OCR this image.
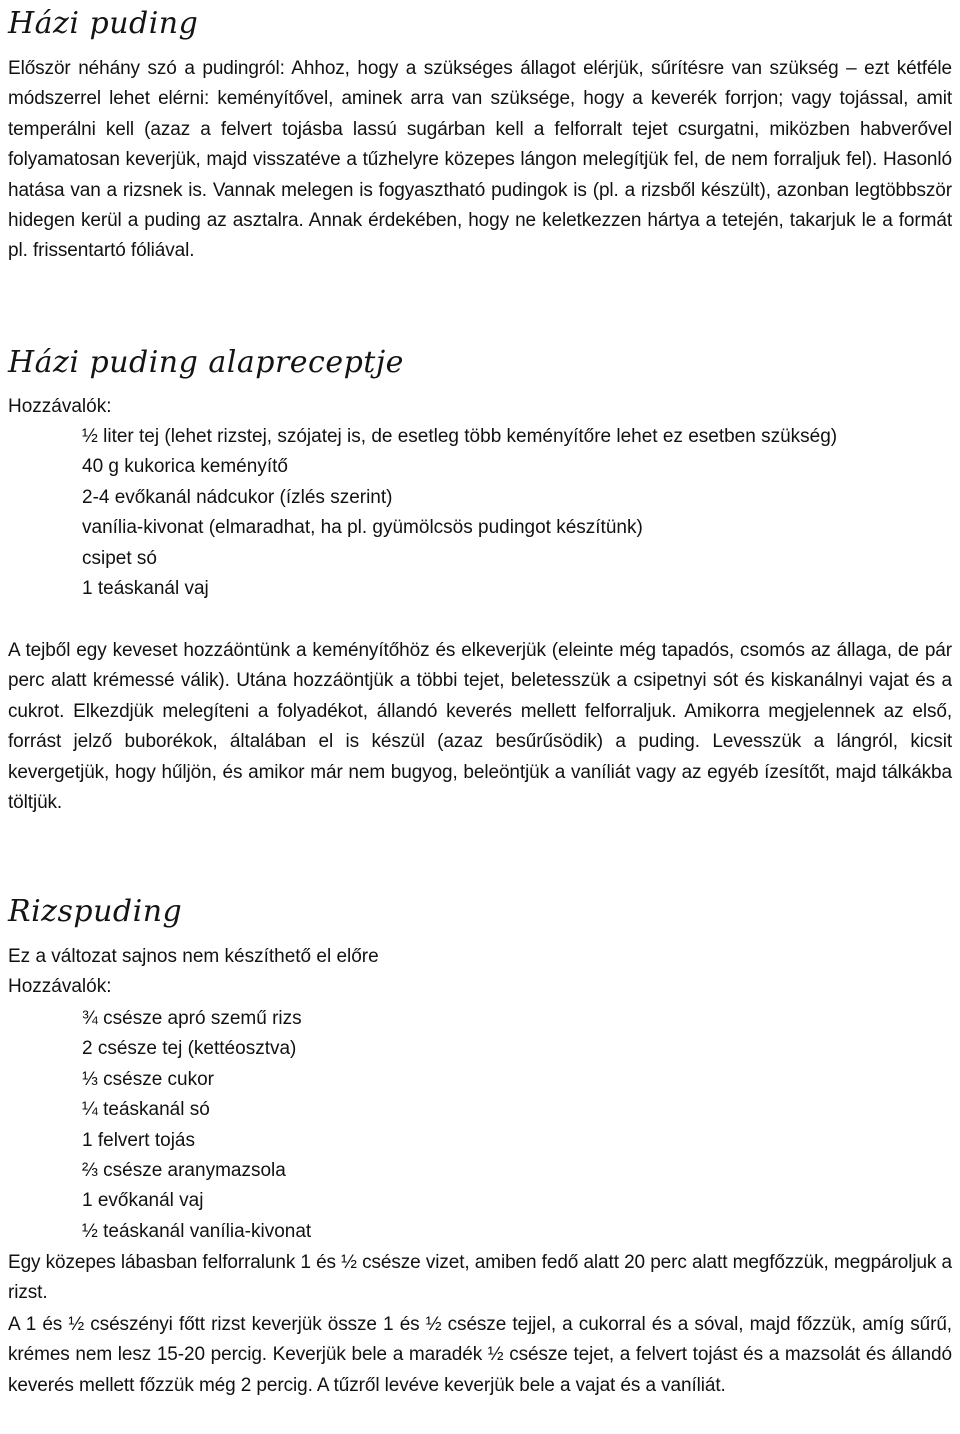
Házi puding

Először néhány szó a pudingról: Ahhoz, hogy a szükséges állagot elérjük, sűrítésre van szükség – ezt kétféle módszerrel lehet elérni: keményítővel, aminek arra van szüksége, hogy a keverék forrjon; vagy tojással, amit temperálni kell (azaz a felvert tojásba lassú sugárban kell a felforralt tejet csurgatni, miközben habverővel folyamatosan keverjük, majd visszatéve a tűzhelyre közepes lángon melegítjük fel, de nem forraljuk fel). Hasonló hatása van a rizsnek is. Vannak melegen is fogyasztható pudingok is (pl. a rizsből készült), azonban legtöbbször hidegen kerül a puding az asztalra. Annak érdekében, hogy ne keletkezzen hártya a tetején, takarjuk le a formát pl. frissentartó fóliával.

Házi puding alapreceptje

Hozzávalók:

½ liter tej (lehet rizstej, szójatej is, de esetleg több keményítőre lehet ez esetben szükség)
40 g kukorica keményítő
2-4 evőkanál nádcukor (ízlés szerint)
vanília-kivonat (elmaradhat, ha pl. gyümölcsös pudingot készítünk)
csipet só
1 teáskanál vaj

A tejből egy keveset hozzáöntünk a keményítőhöz és elkeverjük (eleinte még tapadós, csomós az állaga, de pár perc alatt krémessé válik). Utána hozzáöntjük a többi tejet, beletesszük a csipetnyi sót és kiskanálnyi vajat és a cukrot. Elkezdjük melegíteni a folyadékot, állandó keverés mellett felforraljuk. Amikorra megjelennek az első, forrást jelző buborékok, általában el is készül (azaz besűrűsödik) a puding. Levesszük a lángról, kicsit kevergetjük, hogy hűljön, és amikor már nem bugyog, beleöntjük a vaníliát vagy az egyéb ízesítőt, majd tálkákba töltjük.

Rizspuding

Ez a változat sajnos nem készíthető el előre

Hozzávalók:

¾ csésze apró szemű rizs
2 csésze tej (kettéosztva)
⅓ csésze cukor
¼ teáskanál só
1 felvert tojás
⅔ csésze aranymazsola
1 evőkanál vaj
½ teáskanál vanília-kivonat

Egy közepes lábasban felforralunk 1 és ½ csésze vizet, amiben fedő alatt 20 perc alatt megfőzzük, megpároljuk a rizst.

A 1 és ½ csészényi főtt rizst keverjük össze 1 és ½ csésze tejjel, a cukorral és a sóval, majd főzzük, amíg sűrű, krémes nem lesz 15-20 percig. Keverjük bele a maradék ½ csésze tejet, a felvert tojást és a mazsolát és állandó keverés mellett főzzük még 2 percig. A tűzről levéve keverjük bele a vajat és a vaníliát.
